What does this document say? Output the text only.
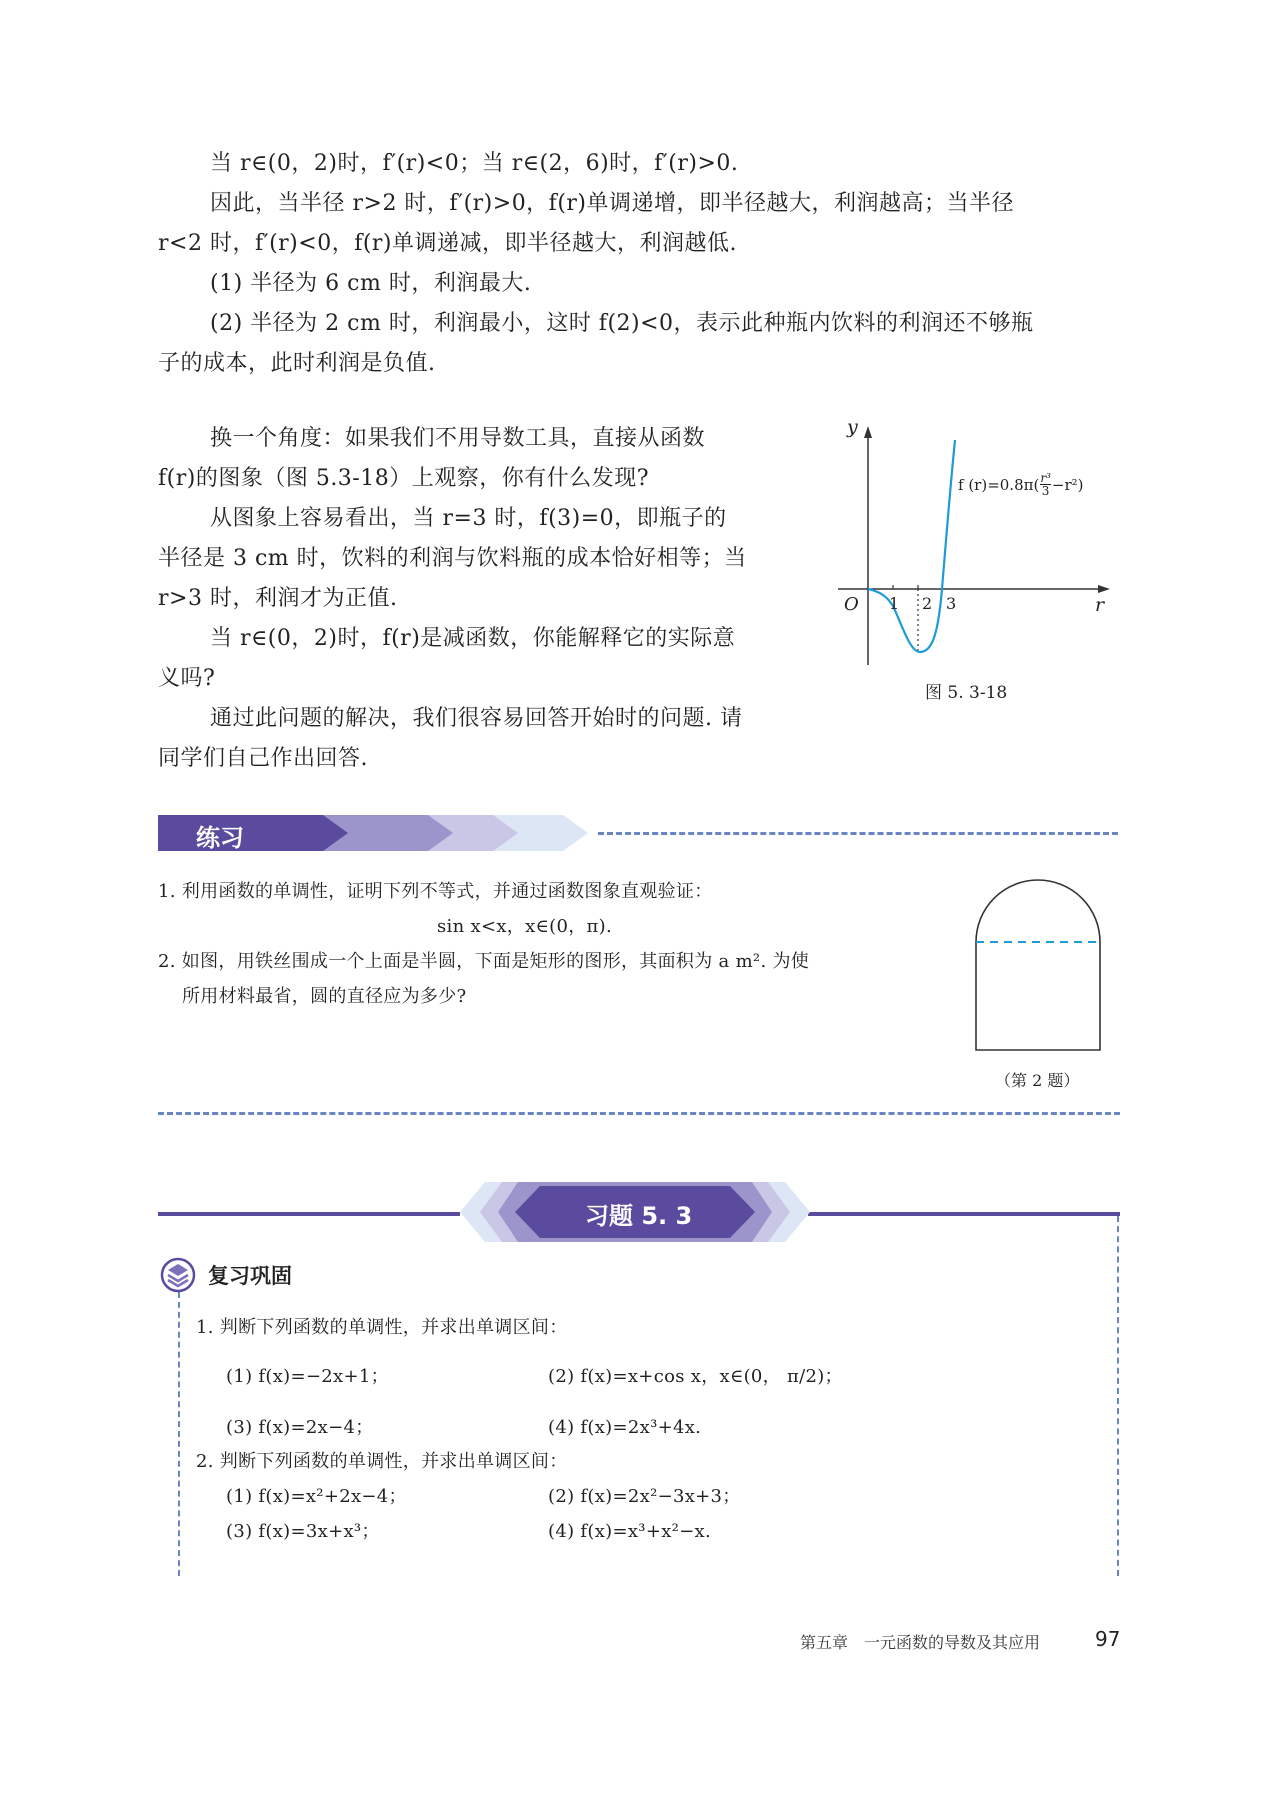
当 r∈(0，2)时，f′(r)<0；当 r∈(2，6)时，f′(r)>0.
因此，当半径 r>2 时，f′(r)>0，f(r)单调递增，即半径越大，利润越高；当半径
r<2 时，f′(r)<0，f(r)单调递减，即半径越大，利润越低.
(1) 半径为 6 cm 时，利润最大.
(2) 半径为 2 cm 时，利润最小，这时 f(2)<0，表示此种瓶内饮料的利润还不够瓶
子的成本，此时利润是负值.
换一个角度：如果我们不用导数工具，直接从函数
f(r)的图象（图 5.3-18）上观察，你有什么发现?
从图象上容易看出，当 r=3 时，f(3)=0，即瓶子的
半径是 3 cm 时，饮料的利润与饮料瓶的成本恰好相等；当
r>3 时，利润才为正值.
当 r∈(0，2)时，f(r)是减函数，你能解释它的实际意
义吗?
通过此问题的解决，我们很容易回答开始时的问题. 请
同学们自己作出回答.
y
r
O 1 2 3
f $(r)=0.8\pi( \frac{\text{r³}}{3} -r^2)$
图 5. 3-18
练习
1. 利用函数的单调性，证明下列不等式，并通过函数图象直观验证：
sin x<x，x∈(0，π).
2. 如图，用铁丝围成一个上面是半圆，下面是矩形的图形，其面积为 a m². 为使
所用材料最省，圆的直径应为多少?
（第 2 题）
习题 5. 3
复习巩固
1. 判断下列函数的单调性，并求出单调区间：
(1) f(x)=−2x+1；	(2) f(x)=x+cos x，x∈(0， π/2)；
(3) f(x)=2x−4；	(4) f(x)=2x³+4x.
2. 判断下列函数的单调性，并求出单调区间：
(1) f(x)=x²+2x−4；	(2) f(x)=2x²−3x+3；
(3) f(x)=3x+x³；	(4) f(x)=x³+x²−x.
第五章　一元函数的导数及其应用	97
